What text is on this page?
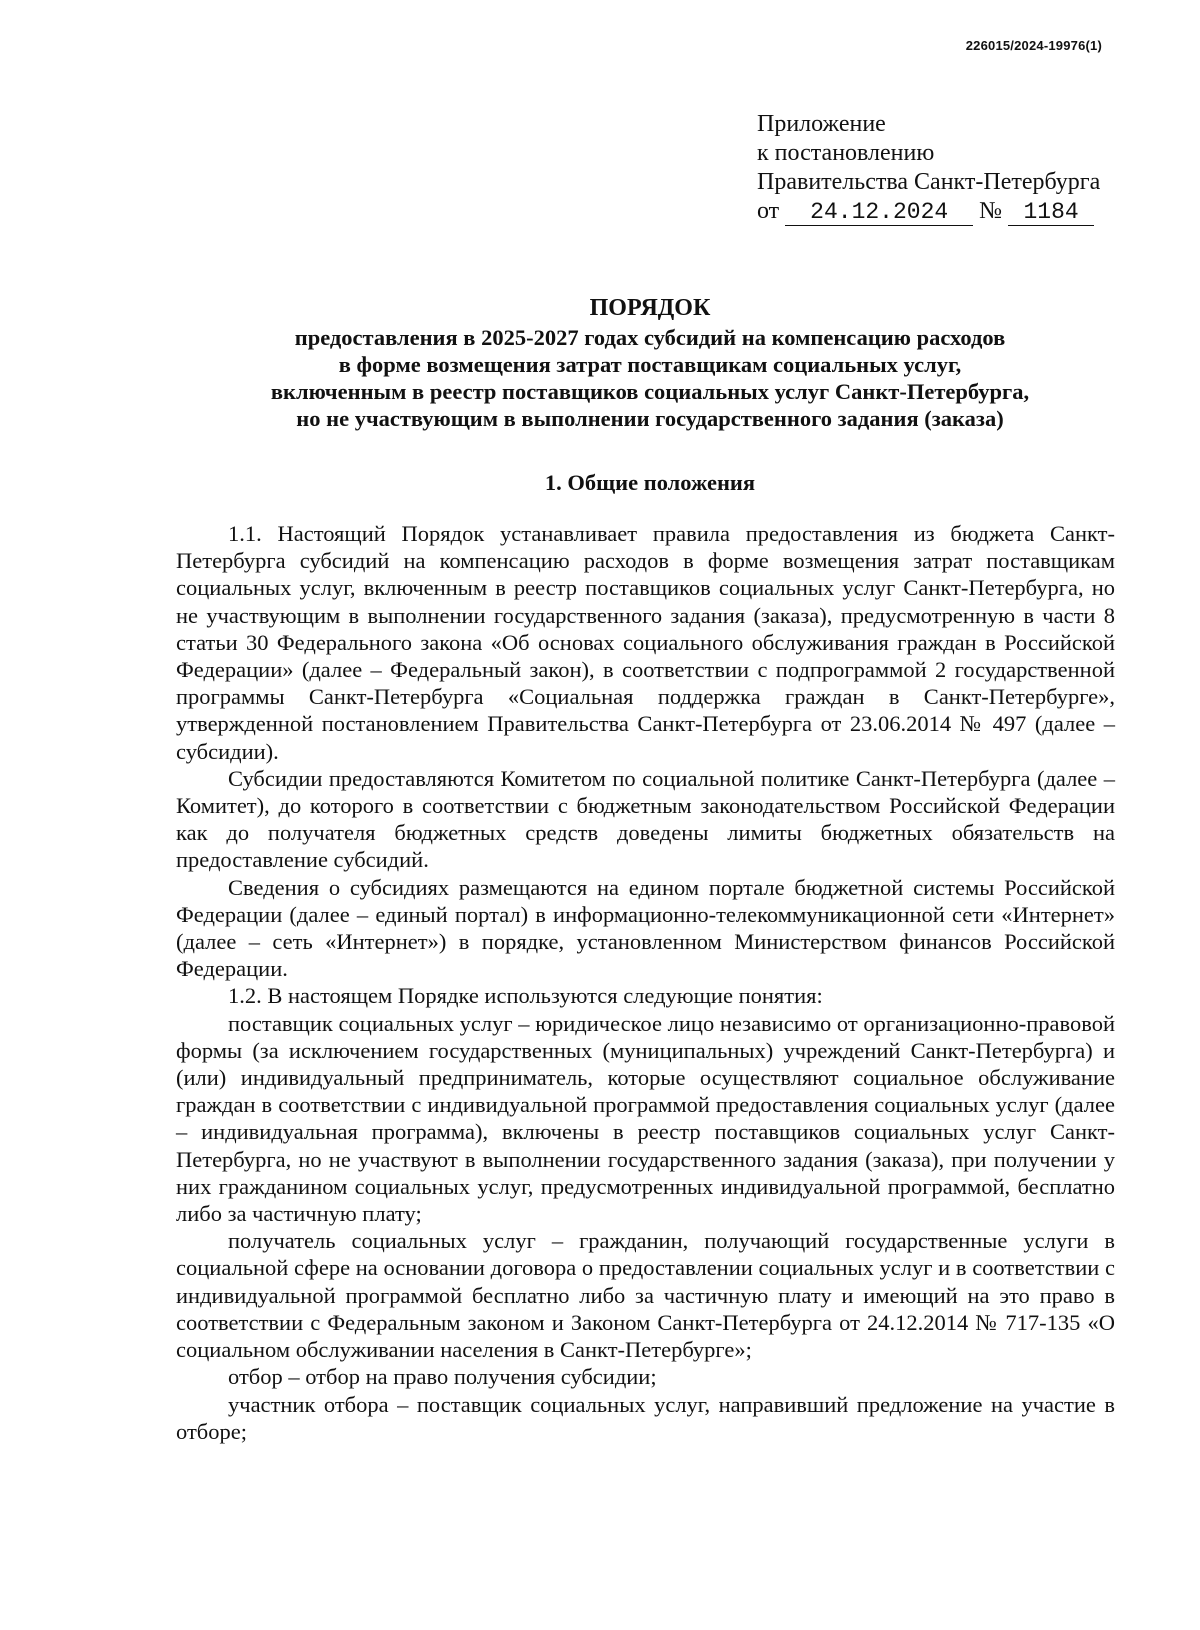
226015/2024-19976(1)
Приложение
к постановлению
Правительства Санкт-Петербурга
от 24.12.2024 № 1184
ПОРЯДОК
предоставления в 2025-2027 годах субсидий на компенсацию расходов
в форме возмещения затрат поставщикам социальных услуг,
включенным в реестр поставщиков социальных услуг Санкт-Петербурга,
но не участвующим в выполнении государственного задания (заказа)
1. Общие положения

1.1. Настоящий Порядок устанавливает правила предоставления из бюджета Санкт-Петербурга субсидий на компенсацию расходов в форме возмещения затрат поставщикам социальных услуг, включенным в реестр поставщиков социальных услуг Санкт-Петербурга, но не участвующим в выполнении государственного задания (заказа), предусмотренную в части 8 статьи 30 Федерального закона «Об основах социального обслуживания граждан в Российской Федерации» (далее – Федеральный закон), в соответствии с подпрограммой 2 государственной программы Санкт-Петербурга «Социальная поддержка граждан в Санкт-Петербурге», утвержденной постановлением Правительства Санкт-Петербурга от 23.06.2014 № 497 (далее – субсидии).

Субсидии предоставляются Комитетом по социальной политике Санкт-Петербурга (далее – Комитет), до которого в соответствии с бюджетным законодательством Российской Федерации как до получателя бюджетных средств доведены лимиты бюджетных обязательств на предоставление субсидий.

Сведения о субсидиях размещаются на едином портале бюджетной системы Российской Федерации (далее – единый портал) в информационно-телекоммуникационной сети «Интернет» (далее – сеть «Интернет») в порядке, установленном Министерством финансов Российской Федерации.

1.2. В настоящем Порядке используются следующие понятия:

поставщик социальных услуг – юридическое лицо независимо от организационно-правовой формы (за исключением государственных (муниципальных) учреждений Санкт-Петербурга) и (или) индивидуальный предприниматель, которые осуществляют социальное обслуживание граждан в соответствии с индивидуальной программой предоставления социальных услуг (далее – индивидуальная программа), включены в реестр поставщиков социальных услуг Санкт-Петербурга, но не участвуют в выполнении государственного задания (заказа), при получении у них гражданином социальных услуг, предусмотренных индивидуальной программой, бесплатно либо за частичную плату;

получатель социальных услуг – гражданин, получающий государственные услуги в социальной сфере на основании договора о предоставлении социальных услуг и в соответствии с индивидуальной программой бесплатно либо за частичную плату и имеющий на это право в соответствии с Федеральным законом и Законом Санкт-Петербурга от 24.12.2014 № 717-135 «О социальном обслуживании населения в Санкт-Петербурге»;

отбор – отбор на право получения субсидии;

участник отбора – поставщик социальных услуг, направивший предложение на участие в отборе;
